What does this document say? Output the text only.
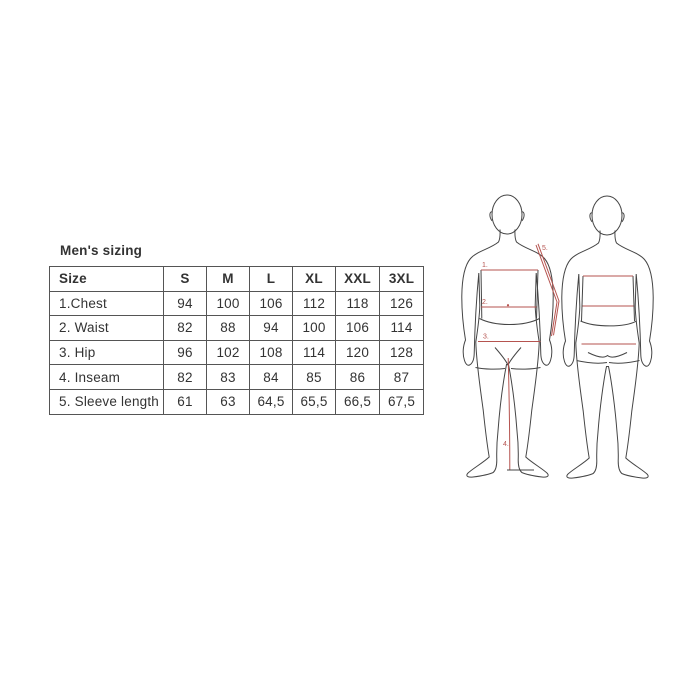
Men's sizing
Size	S	M	L	XL	XXL	3XL
1.Chest	94	100	106	112	118	126
2. Waist	82	88	94	100	106	114
3. Hip	96	102	108	114	120	128
4. Inseam	82	83	84	85	86	87
5. Sleeve length	61	63	64,5	65,5	66,5	67,5
1.
2.
3.
4.
5.
